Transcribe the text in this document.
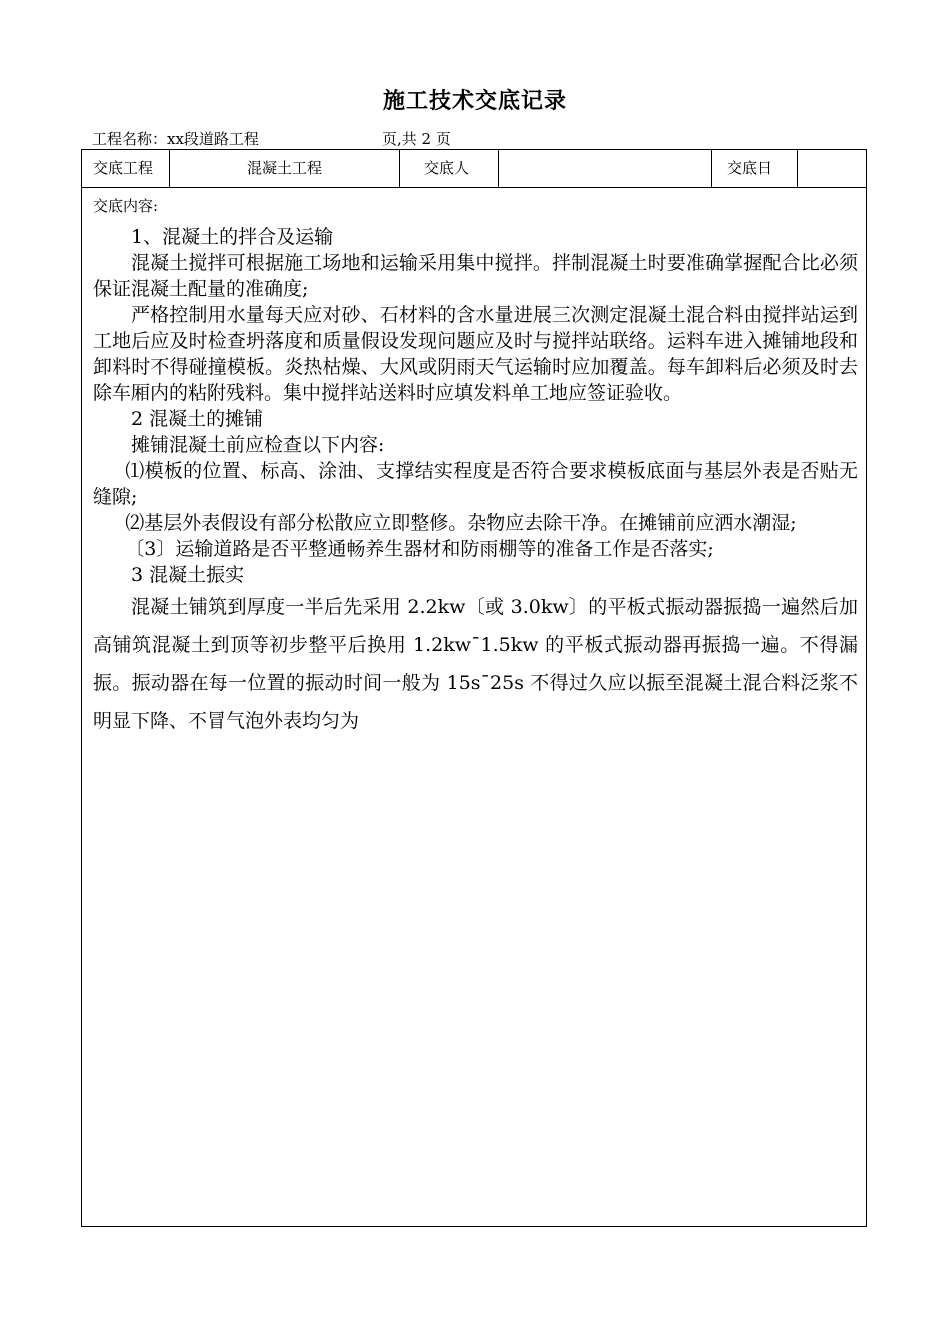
施工技术交底记录
工程名称：xx段道路工程	页,共 2 页
交底工程	混凝土工程	交底人	交底日
交底内容:

1、混凝土的拌合及运输

混凝土搅拌可根据施工场地和运输采用集中搅拌。拌制混凝土时要准确掌握配合比必须保证混凝土配量的准确度;

严格控制用水量每天应对砂、石材料的含水量进展三次测定混凝土混合料由搅拌站运到工地后应及时检查坍落度和质量假设发现问题应及时与搅拌站联络。运料车进入摊铺地段和卸料时不得碰撞模板。炎热枯燥、大风或阴雨天气运输时应加覆盖。每车卸料后必须及时去除车厢内的粘附残料。集中搅拌站送料时应填发料单工地应签证验收。

2 混凝土的摊铺

摊铺混凝土前应检查以下内容:

⑴模板的位置、标高、涂油、支撑结实程度是否符合要求模板底面与基层外表是否贴无缝隙;

⑵基层外表假设有部分松散应立即整修。杂物应去除干净。在摊铺前应洒水潮湿;

〔3〕运输道路是否平整通畅养生器材和防雨棚等的准备工作是否落实;

3 混凝土振实

混凝土铺筑到厚度一半后先采用 2.2kw〔或 3.0kw〕的平板式振动器振捣一遍然后加高铺筑混凝土到顶等初步整平后换用 1.2kw¯1.5kw 的平板式振动器再振捣一遍。不得漏振。振动器在每一位置的振动时间一般为 15s¯25s 不得过久应以振至混凝土混合料泛浆不明显下降、不冒气泡外表均匀为
